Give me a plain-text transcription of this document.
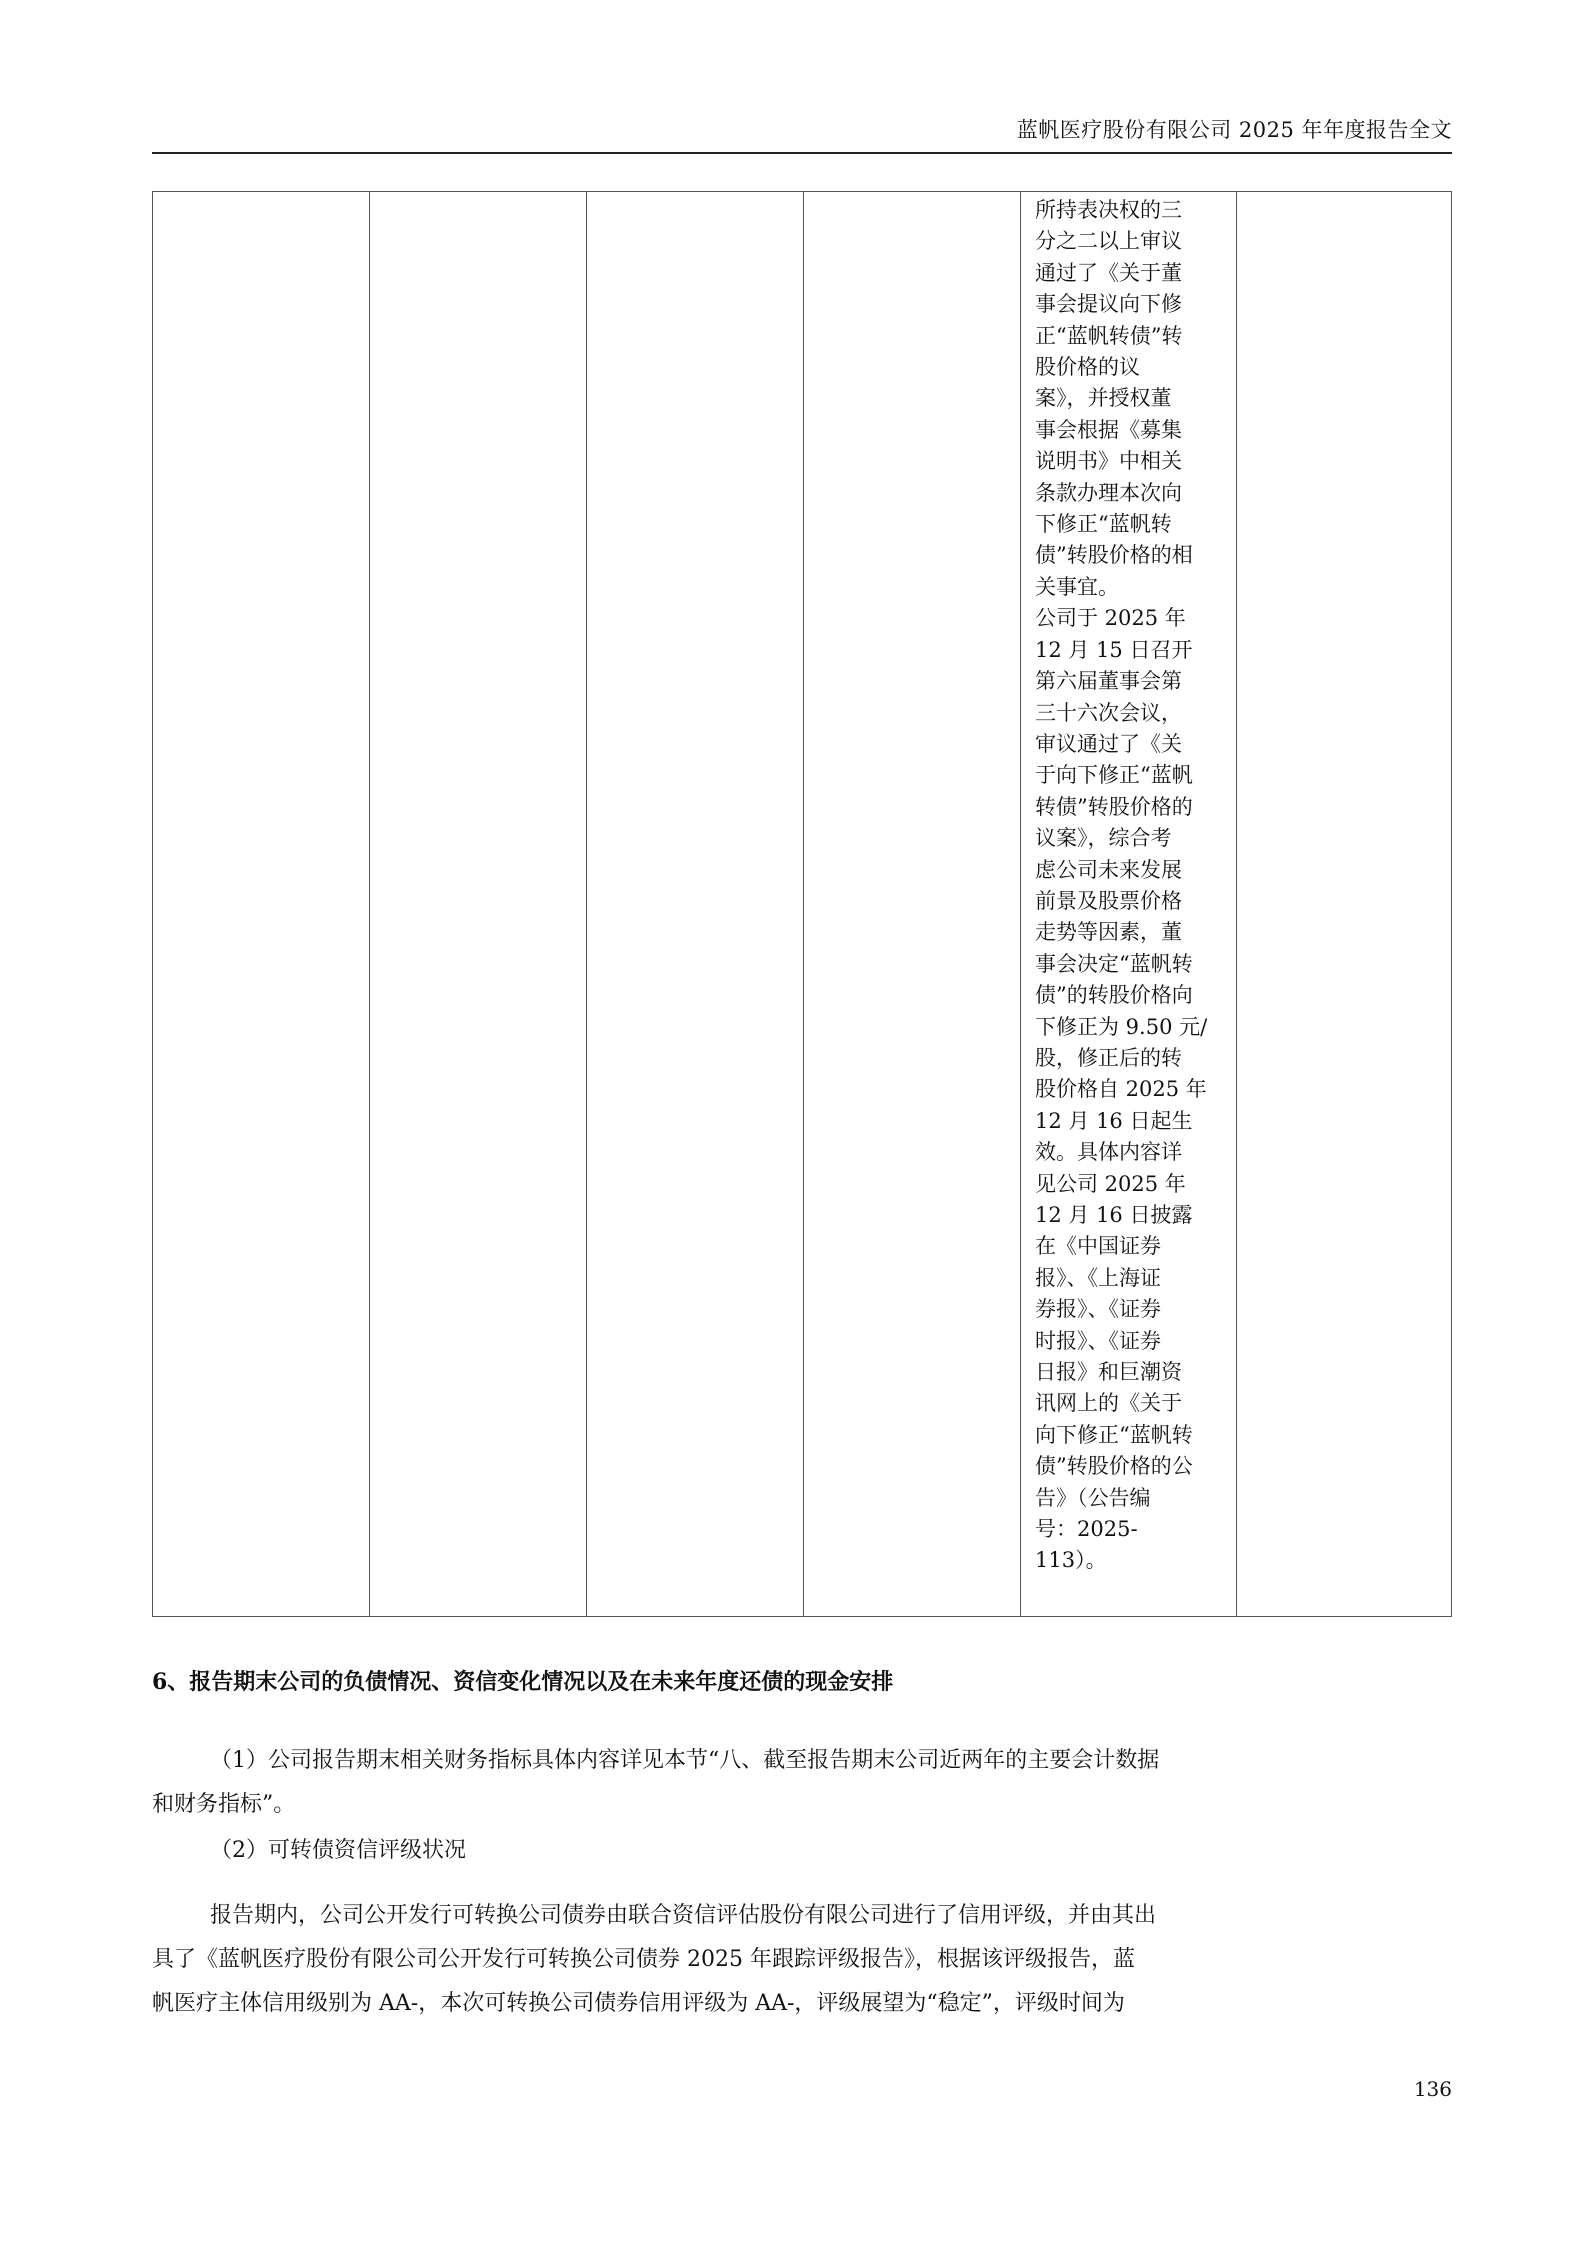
蓝帆医疗股份有限公司 2025 年年度报告全文

所持表决权的三
分之二以上审议
通过了《关于董
事会提议向下修
正“蓝帆转债”转
股价格的议
案》，并授权董
事会根据《募集
说明书》中相关
条款办理本次向
下修正“蓝帆转
债”转股价格的相
关事宜。
公司于 2025 年
12 月 15 日召开
第六届董事会第
三十六次会议，
审议通过了《关
于向下修正“蓝帆
转债”转股价格的
议案》，综合考
虑公司未来发展
前景及股票价格
走势等因素，董
事会决定“蓝帆转
债”的转股价格向
下修正为 9.50 元/
股，修正后的转
股价格自 2025 年
12 月 16 日起生
效。具体内容详
见公司 2025 年
12 月 16 日披露
在《中国证券
报》、《上海证
券报》、《证券
时报》、《证券
日报》和巨潮资
讯网上的《关于
向下修正“蓝帆转
债”转股价格的公
告》（公告编
号：2025-
113）。

6、报告期末公司的负债情况、资信变化情况以及在未来年度还债的现金安排
（1）公司报告期末相关财务指标具体内容详见本节“八、截至报告期末公司近两年的主要会计数据
和财务指标”。
（2）可转债资信评级状况
报告期内，公司公开发行可转换公司债券由联合资信评估股份有限公司进行了信用评级，并由其出
具了《蓝帆医疗股份有限公司公开发行可转换公司债券 2025 年跟踪评级报告》，根据该评级报告，蓝
帆医疗主体信用级别为 AA-，本次可转换公司债券信用评级为 AA-，评级展望为“稳定”，评级时间为
136
